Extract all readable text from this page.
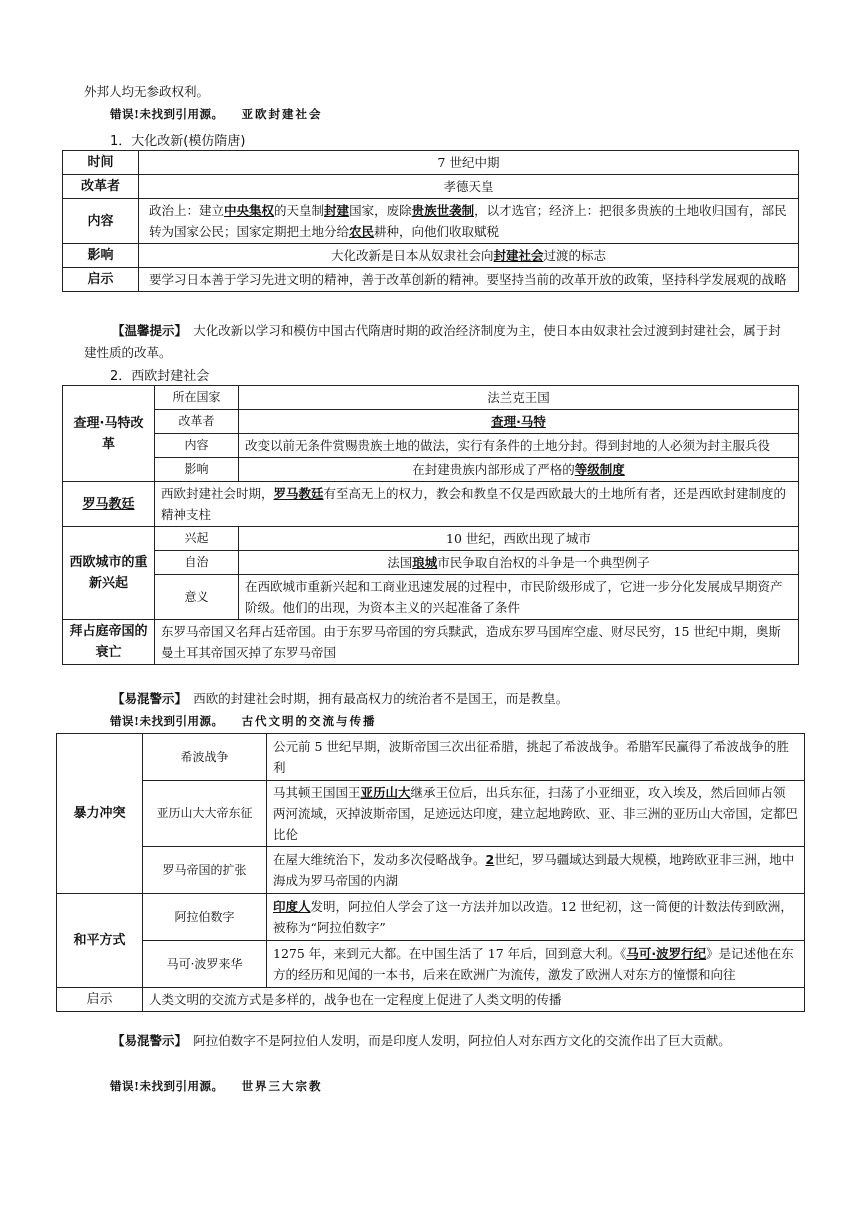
外邦人均无参政权利。
错误!未找到引用源。 亚欧封建社会
1．大化改新(模仿隋唐)
时间	7 世纪中期
改革者	孝德天皇
内容	政治上：建立中央集权的天皇制封建国家，废除贵族世袭制，以才选官；经济上：把很多贵族的土地收归国有，部民转为国家公民；国家定期把土地分给农民耕种，向他们收取赋税
影响	大化改新是日本从奴隶社会向封建社会过渡的标志
启示	要学习日本善于学习先进文明的精神，善于改革创新的精神。要坚持当前的改革开放的政策，坚持科学发展观的战略
【温馨提示】　大化改新以学习和模仿中国古代隋唐时期的政治经济制度为主，使日本由奴隶社会过渡到封建社会，属于封建性质的改革。
2．西欧封建社会
查理·马特改革	所在国家	法兰克王国
	改革者	查理·马特
	内容	改变以前无条件赏赐贵族土地的做法，实行有条件的土地分封。得到封地的人必须为封主服兵役
	影响	在封建贵族内部形成了严格的等级制度
罗马教廷	西欧封建社会时期，罗马教廷有至高无上的权力，教会和教皇不仅是西欧最大的土地所有者，还是西欧封建制度的精神支柱	
西欧城市的重新兴起	兴起	10 世纪，西欧出现了城市
	自治	法国琅城市民争取自治权的斗争是一个典型例子
	意义	在西欧城市重新兴起和工商业迅速发展的过程中，市民阶级形成了，它进一步分化发展成早期资产阶级。他们的出现，为资本主义的兴起准备了条件
拜占庭帝国的衰亡	东罗马帝国又名拜占廷帝国。由于东罗马帝国的穷兵黩武，造成东罗马国库空虚、财尽民穷，15 世纪中期，奥斯曼土耳其帝国灭掉了东罗马帝国	
【易混警示】　西欧的封建社会时期，拥有最高权力的统治者不是国王，而是教皇。
错误!未找到引用源。 古代文明的交流与传播
暴力冲突	希波战争	公元前 5 世纪早期，波斯帝国三次出征希腊，挑起了希波战争。希腊军民赢得了希波战争的胜利
	亚历山大大帝东征	马其顿王国国王亚历山大继承王位后，出兵东征，扫荡了小亚细亚，攻入埃及，然后回师占领两河流域，灭掉波斯帝国，足迹远达印度，建立起地跨欧、亚、非三洲的亚历山大帝国，定都巴比伦
	罗马帝国的扩张	在屋大维统治下，发动多次侵略战争。2世纪，罗马疆域达到最大规模，地跨欧亚非三洲，地中海成为罗马帝国的内湖
和平方式	阿拉伯数字	印度人发明，阿拉伯人学会了这一方法并加以改造。12 世纪初，这一简便的计数法传到欧洲，被称为“阿拉伯数字”
	马可·波罗来华	1275 年，来到元大都。在中国生活了 17 年后，回到意大利。《马可·波罗行纪》是记述他在东方的经历和见闻的一本书，后来在欧洲广为流传，激发了欧洲人对东方的憧憬和向往
启示	人类文明的交流方式是多样的，战争也在一定程度上促进了人类文明的传播	
【易混警示】　阿拉伯数字不是阿拉伯人发明，而是印度人发明，阿拉伯人对东西方文化的交流作出了巨大贡献。
错误!未找到引用源。 世界三大宗教
